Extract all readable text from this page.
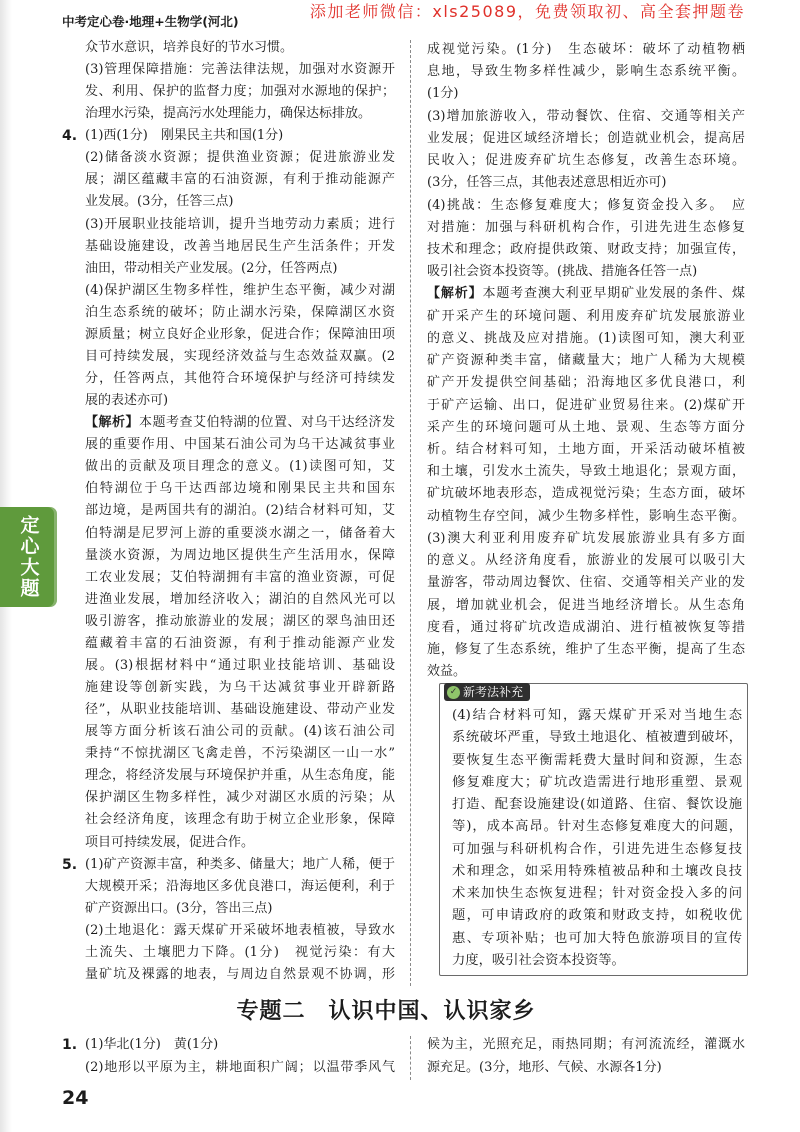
添加老师微信：xls25089，免费领取初、高全套押题卷
中考定心卷·地理+生物学(河北)
众节水意识，培养良好的节水习惯。
(3)管理保障措施：完善法律法规，加强对水资源开
发、利用、保护的监督力度；加强对水源地的保护；
治理水污染，提高污水处理能力，确保达标排放。
4. (1)西(1分)　刚果民主共和国(1分)
(2)储备淡水资源；提供渔业资源；促进旅游业发
展；湖区蕴藏丰富的石油资源，有利于推动能源产
业发展。(3分，任答三点)
(3)开展职业技能培训，提升当地劳动力素质；进行
基础设施建设，改善当地居民生产生活条件；开发
油田，带动相关产业发展。(2分，任答两点)
(4)保护湖区生物多样性，维护生态平衡，减少对湖
泊生态系统的破坏；防止湖水污染，保障湖区水资
源质量；树立良好企业形象，促进合作；保障油田项
目可持续发展，实现经济效益与生态效益双赢。(2
分，任答两点，其他符合环境保护与经济可持续发
展的表述亦可)
【解析】本题考查艾伯特湖的位置、对乌干达经济发
展的重要作用、中国某石油公司为乌干达减贫事业
做出的贡献及项目理念的意义。(1)读图可知，艾
伯特湖位于乌干达西部边境和刚果民主共和国东
部边境，是两国共有的湖泊。(2)结合材料可知，艾
伯特湖是尼罗河上游的重要淡水湖之一，储备着大
量淡水资源，为周边地区提供生产生活用水，保障
工农业发展；艾伯特湖拥有丰富的渔业资源，可促
进渔业发展，增加经济收入；湖泊的自然风光可以
吸引游客，推动旅游业的发展；湖区的翠鸟油田还
蕴藏着丰富的石油资源，有利于推动能源产业发
展。(3)根据材料中“通过职业技能培训、基础设
施建设等创新实践，为乌干达减贫事业开辟新路
径”，从职业技能培训、基础设施建设、带动产业发
展等方面分析该石油公司的贡献。(4)该石油公司
秉持“不惊扰湖区飞禽走兽，不污染湖区一山一水”
理念，将经济发展与环境保护并重，从生态角度，能
保护湖区生物多样性，减少对湖区水质的污染；从
社会经济角度，该理念有助于树立企业形象，保障
项目可持续发展，促进合作。
5. (1)矿产资源丰富，种类多、储量大；地广人稀，便于
大规模开采；沿海地区多优良港口，海运便利，利于
矿产资源出口。(3分，答出三点)
(2)土地退化：露天煤矿开采破坏地表植被，导致水
土流失、土壤肥力下降。(1分)　视觉污染：有大
量矿坑及裸露的地表，与周边自然景观不协调，形
成视觉污染。(1分)　生态破坏：破坏了动植物栖
息地，导致生物多样性减少，影响生态系统平衡。
(1分)
(3)增加旅游收入，带动餐饮、住宿、交通等相关产
业发展；促进区域经济增长；创造就业机会，提高居
民收入；促进废弃矿坑生态修复，改善生态环境。
(3分，任答三点，其他表述意思相近亦可)
(4)挑战：生态修复难度大；修复资金投入多。　应
对措施：加强与科研机构合作，引进先进生态修复
技术和理念；政府提供政策、财政支持；加强宣传，
吸引社会资本投资等。(挑战、措施各任答一点)
【解析】本题考查澳大利亚早期矿业发展的条件、煤
矿开采产生的环境问题、利用废弃矿坑发展旅游业
的意义、挑战及应对措施。(1)读图可知，澳大利亚
矿产资源种类丰富，储藏量大；地广人稀为大规模
矿产开发提供空间基础；沿海地区多优良港口，利
于矿产运输、出口，促进矿业贸易往来。(2)煤矿开
采产生的环境问题可从土地、景观、生态等方面分
析。结合材料可知，土地方面，开采活动破坏植被
和土壤，引发水土流失，导致土地退化；景观方面，
矿坑破坏地表形态，造成视觉污染；生态方面，破坏
动植物生存空间，减少生物多样性，影响生态平衡。
(3)澳大利亚利用废弃矿坑发展旅游业具有多方面
的意义。从经济角度看，旅游业的发展可以吸引大
量游客，带动周边餐饮、住宿、交通等相关产业的发
展，增加就业机会，促进当地经济增长。从生态角
度看，通过将矿坑改造成湖泊、进行植被恢复等措
施，修复了生态系统，维护了生态平衡，提高了生态
效益。
✓ 新考法补充
(4)结合材料可知，露天煤矿开采对当地生态
系统破坏严重，导致土地退化、植被遭到破坏，
要恢复生态平衡需耗费大量时间和资源，生态
修复难度大；矿坑改造需进行地形重塑、景观
打造、配套设施建设(如道路、住宿、餐饮设施
等)，成本高昂。针对生态修复难度大的问题，
可加强与科研机构合作，引进先进生态修复技
术和理念，如采用特殊植被品种和土壤改良技
术来加快生态恢复进程；针对资金投入多的问
题，可申请政府的政策和财政支持，如税收优
惠、专项补贴；也可加大特色旅游项目的宣传
力度，吸引社会资本投资等。
定心大题
专题二　认识中国、认识家乡
1. (1)华北(1分)　黄(1分)
(2)地形以平原为主，耕地面积广阔；以温带季风气
候为主，光照充足，雨热同期；有河流流经，灌溉水
源充足。(3分，地形、气候、水源各1分)
24
